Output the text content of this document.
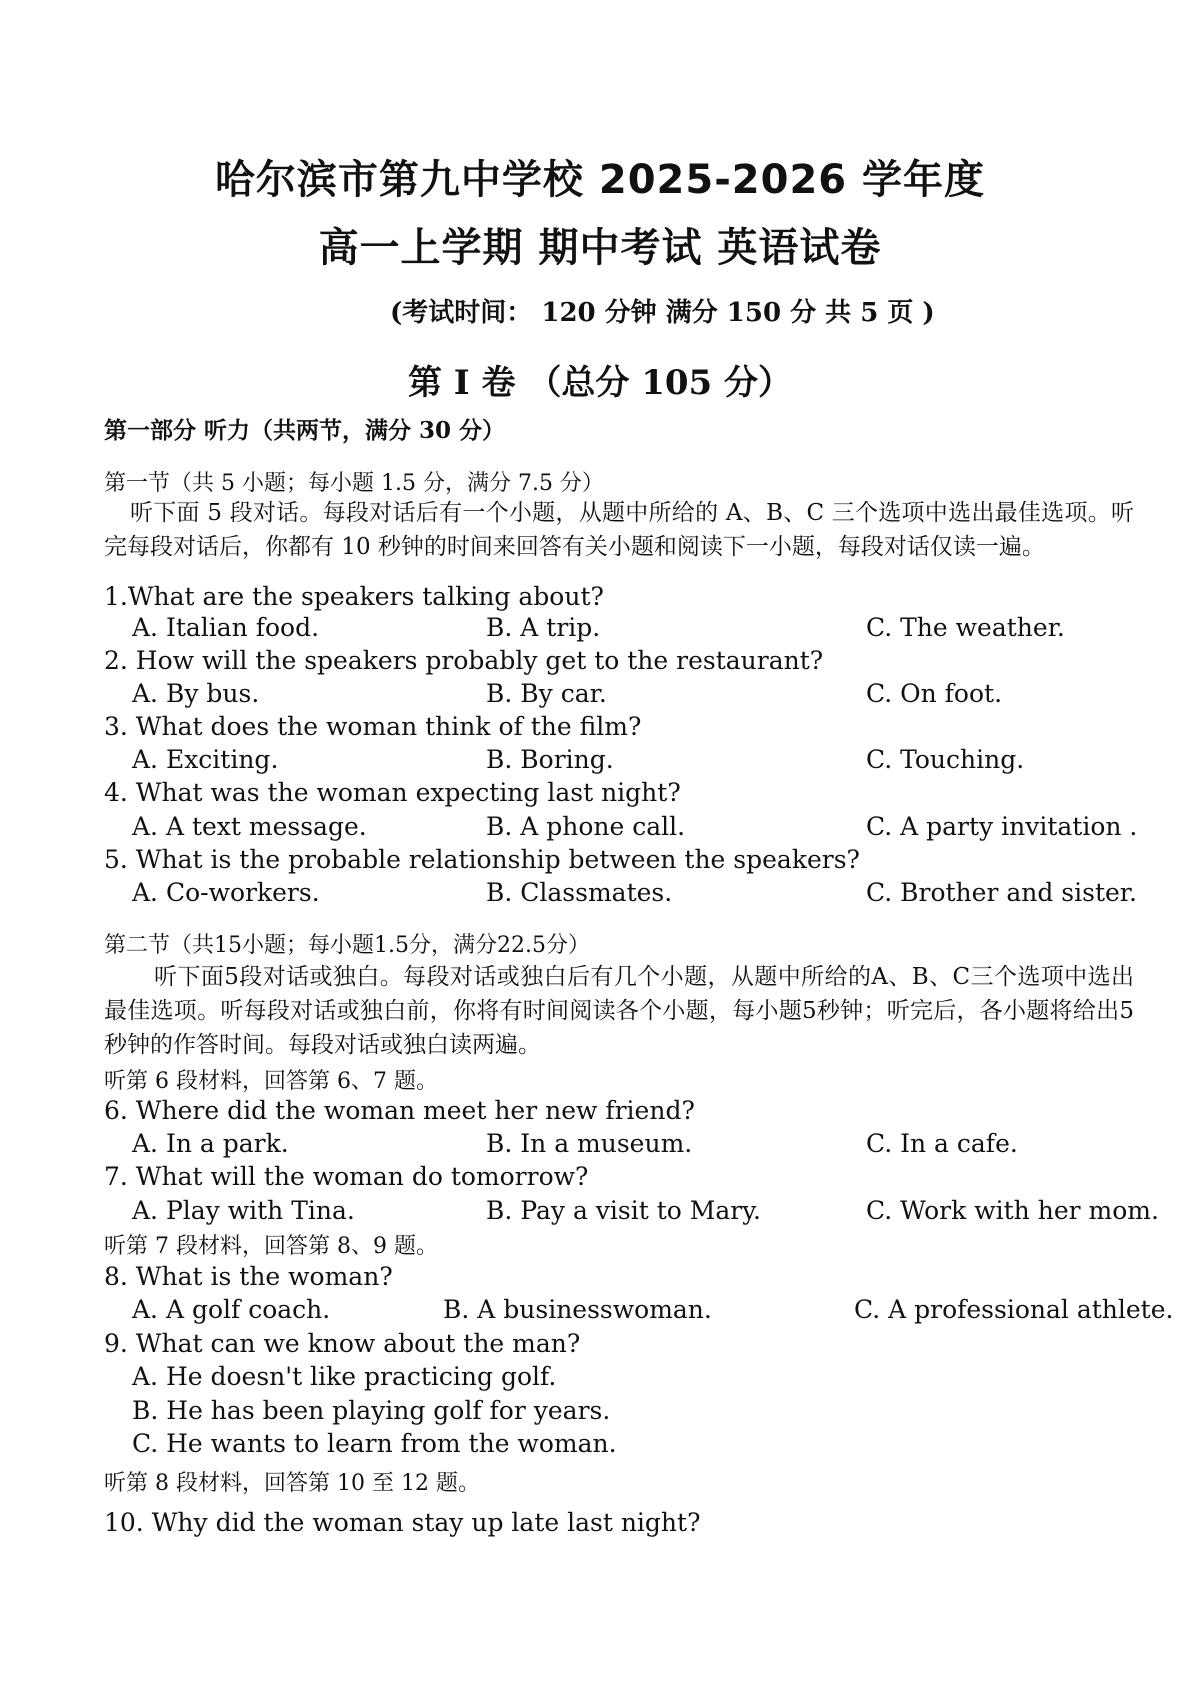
哈尔滨市第九中学校 2025-2026 学年度
高一上学期 期中考试 英语试卷
(考试时间： 120 分钟 满分 150 分 共 5 页 )
第 I 卷 （总分 105 分）
第一部分 听力（共两节，满分 30 分）
第一节（共 5 小题；每小题 1.5 分，满分 7.5 分）

听下面 5 段对话。每段对话后有一个小题，从题中所给的 A、B、C 三个选项中选出最佳选项。听完每段对话后，你都有 10 秒钟的时间来回答有关小题和阅读下一小题，每段对话仅读一遍。

1.What are the speakers talking about?
A. Italian food.	B. A trip.	C. The weather.
2. How will the speakers probably get to the restaurant?
A. By bus.	B. By car.	C. On foot.
3. What does the woman think of the film?
A. Exciting.	B. Boring.	C. Touching.
4. What was the woman expecting last night?
A. A text message.	B. A phone call.	C. A party invitation .
5. What is the probable relationship between the speakers?
A. Co-workers.	B. Classmates.	C. Brother and sister.
第二节（共15小题；每小题1.5分，满分22.5分）

听下面5段对话或独白。每段对话或独白后有几个小题，从题中所给的A、B、C三个选项中选出最佳选项。听每段对话或独白前，你将有时间阅读各个小题，每小题5秒钟；听完后，各小题将给出5秒钟的作答时间。每段对话或独白读两遍。

听第 6 段材料，回答第 6、7 题。
6. Where did the woman meet her new friend?
A. In a park.	B. In a museum.	C. In a cafe.
7. What will the woman do tomorrow?
A. Play with Tina.	B. Pay a visit to Mary.	C. Work with her mom.
听第 7 段材料，回答第 8、9 题。
8. What is the woman?
A. A golf coach.	B. A businesswoman.	C. A professional athlete.
9. What can we know about the man?
A. He doesn't like practicing golf.
B. He has been playing golf for years.
C. He wants to learn from the woman.
听第 8 段材料，回答第 10 至 12 题。
10. Why did the woman stay up late last night?
